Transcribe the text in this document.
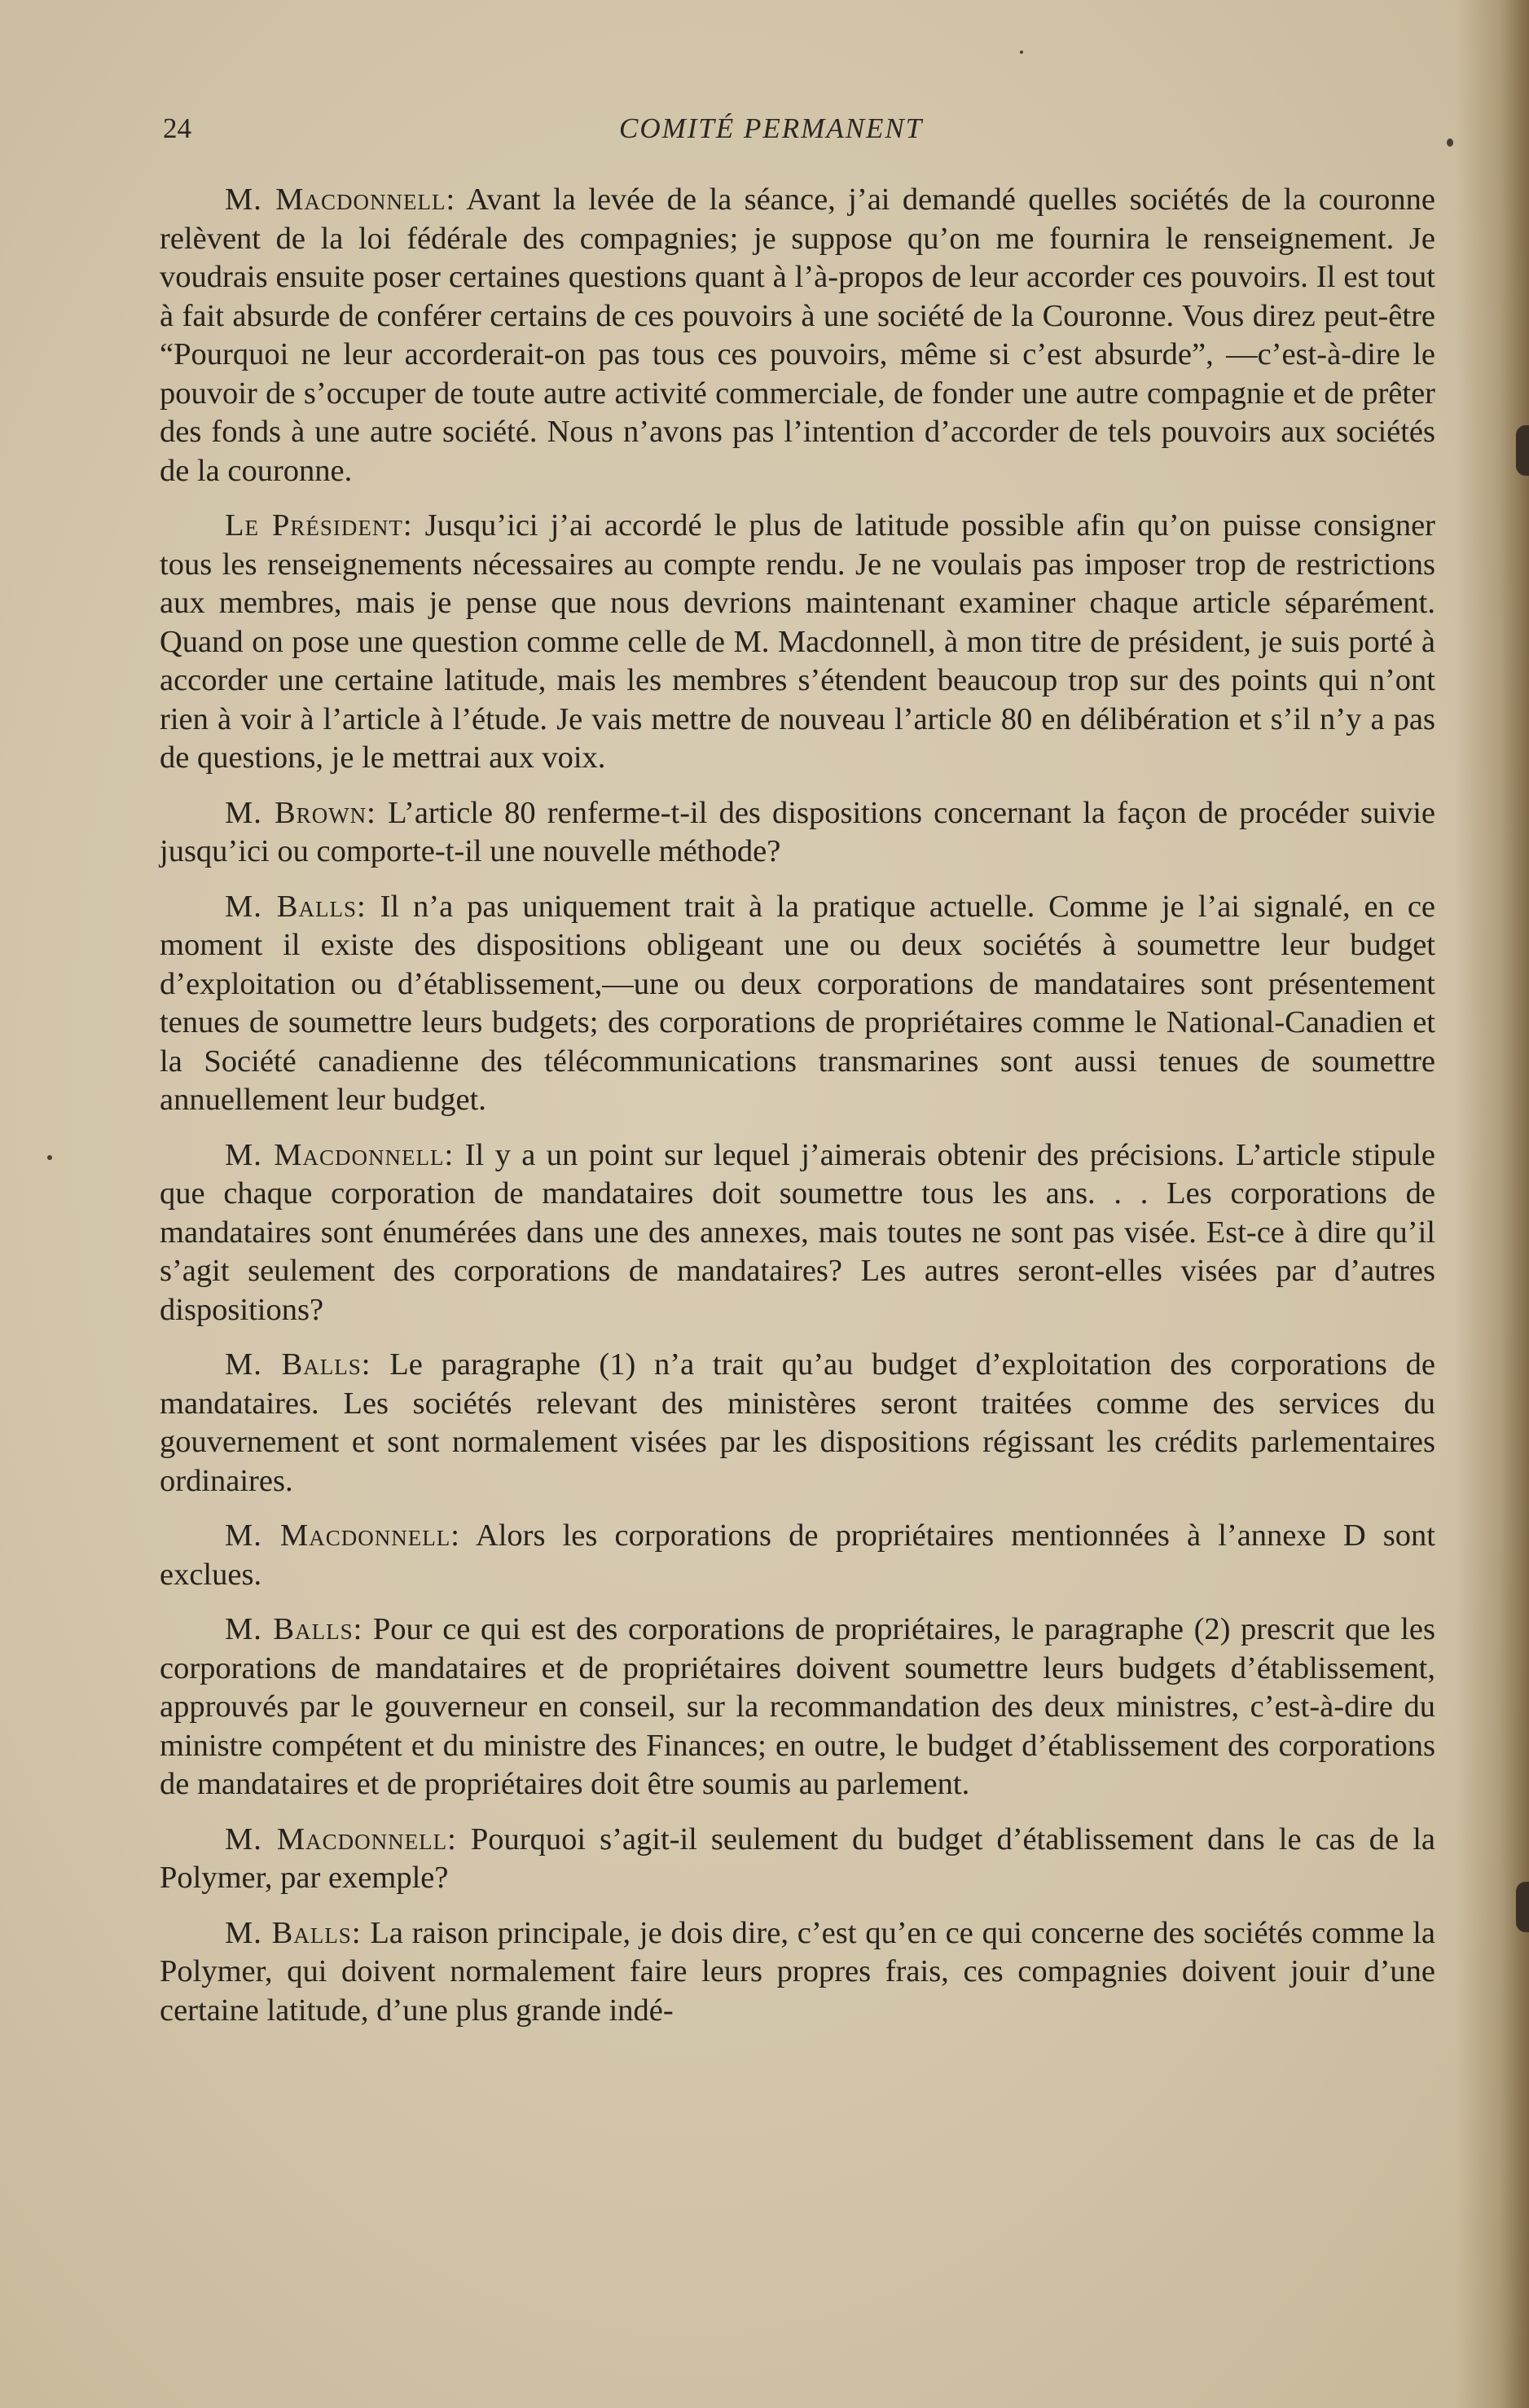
24	COMITÉ PERMANENT

M. Macdonnell: Avant la levée de la séance, j’ai demandé quelles sociétés de la couronne relèvent de la loi fédérale des compagnies; je suppose qu’on me fournira le renseignement. Je voudrais ensuite poser certaines questions quant à l’à-propos de leur accorder ces pouvoirs. Il est tout à fait absurde de conférer certains de ces pouvoirs à une société de la Couronne. Vous direz peut-être “Pourquoi ne leur accorderait-on pas tous ces pouvoirs, même si c’est absurde”, —c’est-à-dire le pouvoir de s’occuper de toute autre activité commerciale, de fonder une autre compagnie et de prêter des fonds à une autre société. Nous n’avons pas l’intention d’accorder de tels pouvoirs aux sociétés de la couronne.

Le Président: Jusqu’ici j’ai accordé le plus de latitude possible afin qu’on puisse consigner tous les renseignements nécessaires au compte rendu. Je ne voulais pas imposer trop de restrictions aux membres, mais je pense que nous devrions maintenant examiner chaque article séparément. Quand on pose une question comme celle de M. Macdonnell, à mon titre de président, je suis porté à accorder une certaine latitude, mais les membres s’étendent beaucoup trop sur des points qui n’ont rien à voir à l’article à l’étude. Je vais mettre de nouveau l’article 80 en délibération et s’il n’y a pas de questions, je le mettrai aux voix.

M. Brown: L’article 80 renferme-t-il des dispositions concernant la façon de procéder suivie jusqu’ici ou comporte-t-il une nouvelle méthode?

M. Balls: Il n’a pas uniquement trait à la pratique actuelle. Comme je l’ai signalé, en ce moment il existe des dispositions obligeant une ou deux sociétés à soumettre leur budget d’exploitation ou d’établissement,—une ou deux corporations de mandataires sont présentement tenues de soumettre leurs budgets; des corporations de propriétaires comme le National-Canadien et la Société canadienne des télécommunications transmarines sont aussi tenues de soumettre annuellement leur budget.

M. Macdonnell: Il y a un point sur lequel j’aimerais obtenir des précisions. L’article stipule que chaque corporation de mandataires doit soumettre tous les ans. . . Les corporations de mandataires sont énumérées dans une des annexes, mais toutes ne sont pas visée. Est-ce à dire qu’il s’agit seulement des corporations de mandataires? Les autres seront-elles visées par d’autres dispositions?

M. Balls: Le paragraphe (1) n’a trait qu’au budget d’exploitation des corporations de mandataires. Les sociétés relevant des ministères seront traitées comme des services du gouvernement et sont normalement visées par les dispositions régissant les crédits parlementaires ordinaires.

M. Macdonnell: Alors les corporations de propriétaires mentionnées à l’annexe D sont exclues.

M. Balls: Pour ce qui est des corporations de propriétaires, le paragraphe (2) prescrit que les corporations de mandataires et de propriétaires doivent soumettre leurs budgets d’établissement, approuvés par le gouverneur en conseil, sur la recommandation des deux ministres, c’est-à-dire du ministre compétent et du ministre des Finances; en outre, le budget d’établissement des corporations de mandataires et de propriétaires doit être soumis au parlement.

M. Macdonnell: Pourquoi s’agit-il seulement du budget d’établissement dans le cas de la Polymer, par exemple?

M. Balls: La raison principale, je dois dire, c’est qu’en ce qui concerne des sociétés comme la Polymer, qui doivent normalement faire leurs propres frais, ces compagnies doivent jouir d’une certaine latitude, d’une plus grande indé-
